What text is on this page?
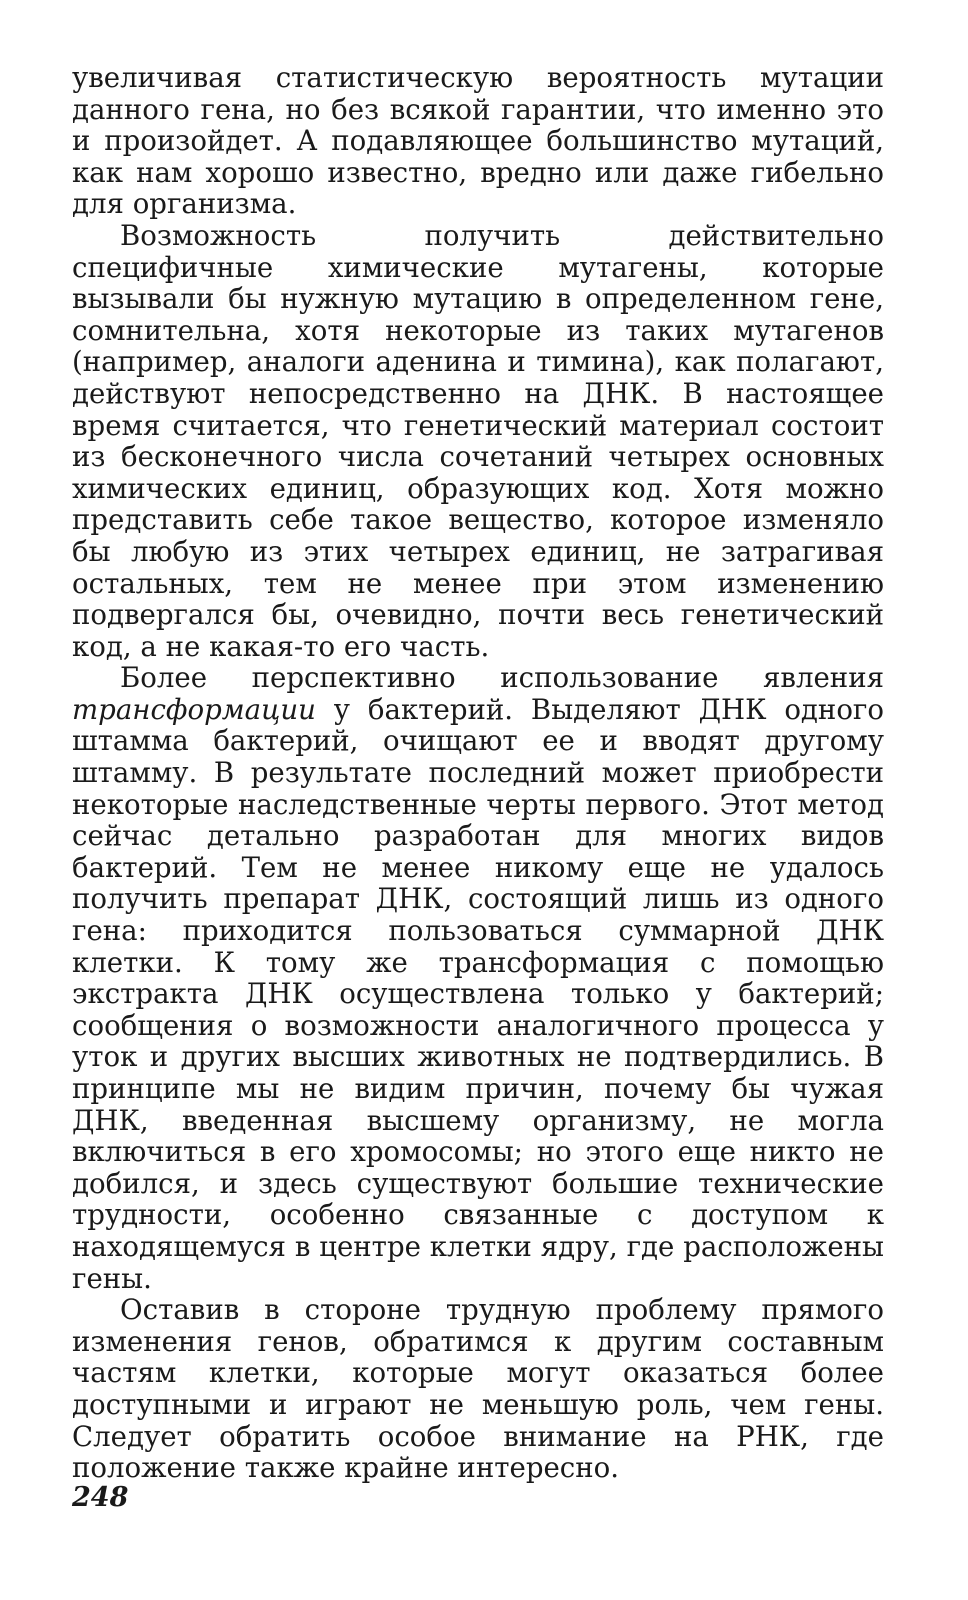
увеличивая статистическую вероятность мутации данного гена, но без всякой гарантии, что именно это и произойдет. А подавляющее большинство мутаций, как нам хорошо известно, вредно или даже гибельно для организма.

Возможность получить действительно специфичные химические мутагены, которые вызывали бы нужную мутацию в определенном гене, сомнительна, хотя некоторые из таких мутагенов (например, аналоги аденина и тимина), как полагают, действуют непосредственно на ДНК. В настоящее время считается, что генетический материал состоит из бесконечного числа сочетаний четырех основных химических единиц, образующих код. Хотя можно представить себе такое вещество, которое изменяло бы любую из этих четырех единиц, не затрагивая остальных, тем не менее при этом изменению подвергался бы, очевидно, почти весь генетический код, а не какая-то его часть.

Более перспективно использование явления трансформации у бактерий. Выделяют ДНК одного штамма бактерий, очищают ее и вводят другому штамму. В результате последний может приобрести некоторые наследственные черты первого. Этот метод сейчас детально разработан для многих видов бактерий. Тем не менее никому еще не удалось получить препарат ДНК, состоящий лишь из одного гена: приходится пользоваться суммарной ДНК клетки. К тому же трансформация с помощью экстракта ДНК осуществлена только у бактерий; сообщения о возможности аналогичного процесса у уток и других высших животных не подтвердились. В принципе мы не видим причин, почему бы чужая ДНК, введенная высшему организму, не могла включиться в его хромосомы; но этого еще никто не добился, и здесь существуют большие технические трудности, особенно связанные с доступом к находящемуся в центре клетки ядру, где расположены гены.

Оставив в стороне трудную проблему прямого изменения генов, обратимся к другим составным частям клетки, которые могут оказаться более доступными и играют не меньшую роль, чем гены. Следует обратить особое внимание на РНК, где положение также крайне интересно.

248
